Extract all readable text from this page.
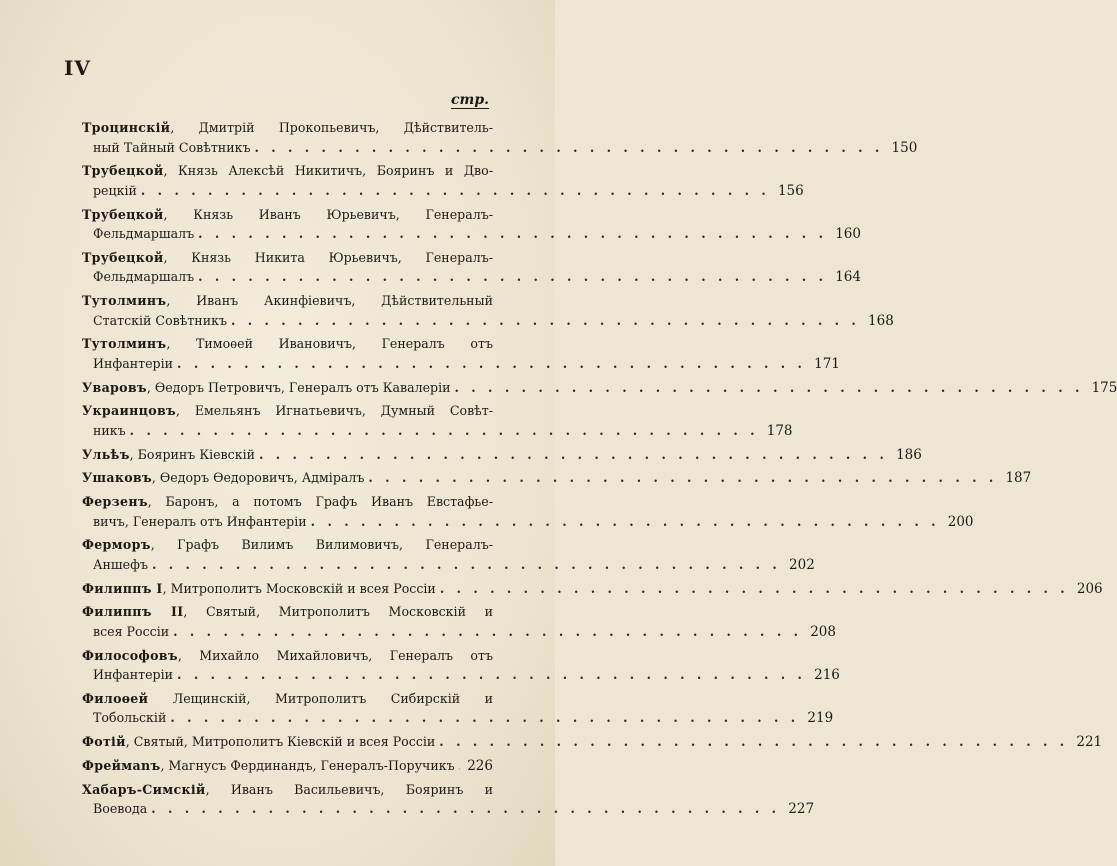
IV
стр.
Троцинскій, Дмитрій Прокопьевичъ, Дѣйствитель-
ный Тайный Совѣтникъ . . . . . . . . . . . . . . . . . . . . . . . . . . . . . . . . . . . . . . 150
Трубецкой, Князь Алексѣй Никитичъ, Бояринъ и Дво-
рецкій . . . . . . . . . . . . . . . . . . . . . . . . . . . . . . . . . . . . . . 156
Трубецкой, Князь Иванъ Юрьевичъ, Генералъ-
Фельдмаршалъ . . . . . . . . . . . . . . . . . . . . . . . . . . . . . . . . . . . . . . 160
Трубецкой, Князь Никита Юрьевичъ, Генералъ-
Фельдмаршалъ . . . . . . . . . . . . . . . . . . . . . . . . . . . . . . . . . . . . . . 164
Тутолминъ, Иванъ Акинфіевичъ, Дѣйствительный
Статскій Совѣтникъ . . . . . . . . . . . . . . . . . . . . . . . . . . . . . . . . . . . . . . 168
Тутолминъ, Тимоѳей Ивановичъ, Генералъ отъ
Инфантеріи . . . . . . . . . . . . . . . . . . . . . . . . . . . . . . . . . . . . . . 171
Уваровъ, Ѳедоръ Петровичъ, Генералъ отъ Кавалеріи . . . . . . . . . . . . . . . . . . . . . . . . . . . . . . . . . . . . . . 175
Украинцовъ, Емельянъ Игнатьевичъ, Думный Совѣт-
никъ . . . . . . . . . . . . . . . . . . . . . . . . . . . . . . . . . . . . . . 178
Ульѣъ, Бояринъ Кіевскій . . . . . . . . . . . . . . . . . . . . . . . . . . . . . . . . . . . . . . 186
Ушаковъ, Ѳедоръ Ѳедоровичъ, Адміралъ . . . . . . . . . . . . . . . . . . . . . . . . . . . . . . . . . . . . . . 187
Ферзенъ, Баронъ, а потомъ Графъ Иванъ Евстафье-
вичъ, Генералъ отъ Инфантеріи . . . . . . . . . . . . . . . . . . . . . . . . . . . . . . . . . . . . . . 200
Ферморъ, Графъ Вилимъ Вилимовичъ, Генералъ-
Аншефъ . . . . . . . . . . . . . . . . . . . . . . . . . . . . . . . . . . . . . . 202
Филиппъ I, Митрополитъ Московскій и всея Россіи . . . . . . . . . . . . . . . . . . . . . . . . . . . . . . . . . . . . . . 206
Филиппъ II, Святый, Митрополитъ Московскій и
всея Россіи . . . . . . . . . . . . . . . . . . . . . . . . . . . . . . . . . . . . . . 208
Философовъ, Михайло Михайловичъ, Генералъ отъ
Инфантеріи . . . . . . . . . . . . . . . . . . . . . . . . . . . . . . . . . . . . . . 216
Филоѳей Лещинскій, Митрополитъ Сибирскій и
Тобольскій . . . . . . . . . . . . . . . . . . . . . . . . . . . . . . . . . . . . . . 219
Фотій, Святый, Митрополитъ Кіевскій и всея Россіи . . . . . . . . . . . . . . . . . . . . . . . . . . . . . . . . . . . . . . 221
Фреймаnъ, Магнусъ Фердинандъ, Генералъ-Поручикъ 226
Хабаръ-Симскій, Иванъ Васильевичъ, Бояринъ и
Воевода . . . . . . . . . . . . . . . . . . . . . . . . . . . . . . . . . . . . . . 227
